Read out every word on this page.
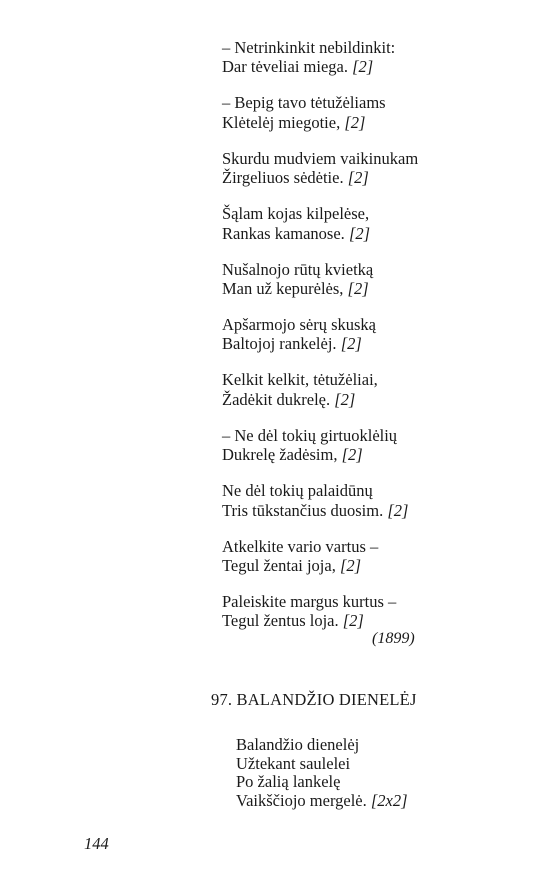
– Netrinkinkit nebildinkit:
Dar tėveliai miega. [2]
– Bepig tavo tėtužėliams
Klėtelėj miegotie, [2]
Skurdu mudviem vaikinukam
Žirgeliuos sėdėtie. [2]
Šąlam kojas kilpelėse,
Rankas kamanose. [2]
Nušalnojo rūtų kvietką
Man už kepurėlės, [2]
Apšarmojo sėrų skuską
Baltojoj rankelėj. [2]
Kelkit kelkit, tėtužėliai,
Žadėkit dukrelę. [2]
– Ne dėl tokių girtuoklėlių
Dukrelę žadėsim, [2]
Ne dėl tokių palaidūnų
Tris tūkstančius duosim. [2]
Atkelkite vario vartus –
Tegul žentai joja, [2]
Paleiskite margus kurtus –
Tegul žentus loja. [2]
(1899)
97. BALANDŽIO DIENELĖJ
Balandžio dienelėj
Užtekant saulelei
Po žalią lankelę
Vaikščiojo mergelė. [2x2]
144
